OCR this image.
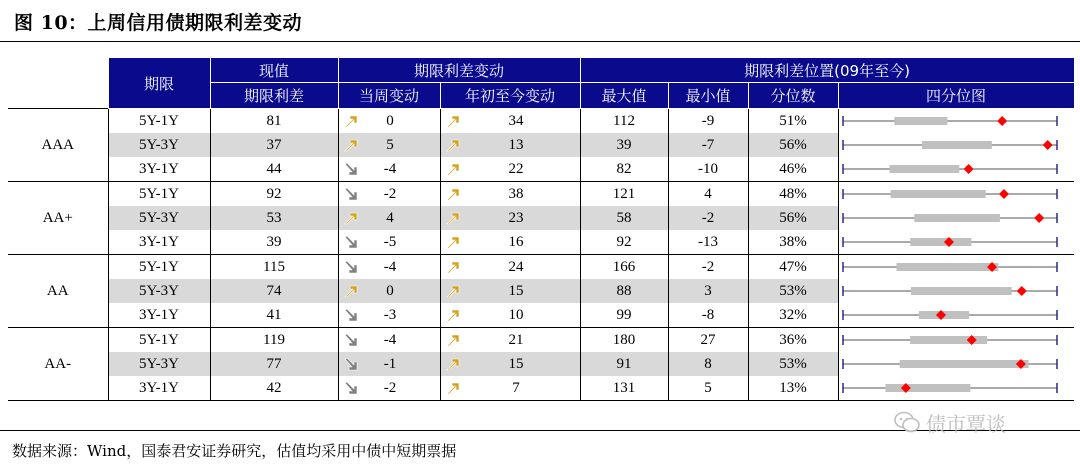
图 10：上周信用债期限利差变动
	期限	现值	期限利差变动		期限利差位置(09年至今)			
		期限利差	当周变动	年初至今变动	最大值	最小值	分位数	四分位图
AAA	5Y-1Y	81	0	34	112	-9	51%	

	5Y-3Y	37	5	13	39	-7	56%	

	3Y-1Y	44	-4	22	82	-10	46%	

AA+	5Y-1Y	92	-2	38	121	4	48%	

	5Y-3Y	53	4	23	58	-2	56%	

	3Y-1Y	39	-5	16	92	-13	38%	

AA	5Y-1Y	115	-4	24	166	-2	47%	

	5Y-3Y	74	0	15	88	3	53%	

	3Y-1Y	41	-3	10	99	-8	32%	

AA-	5Y-1Y	119	-4	21	180	27	36%	

	5Y-3Y	77	-1	15	91	8	53%	

	3Y-1Y	42	-2	7	131	5	13%	
数据来源：Wind，国泰君安证券研究，估值均采用中债中短期票据
债市覃谈
